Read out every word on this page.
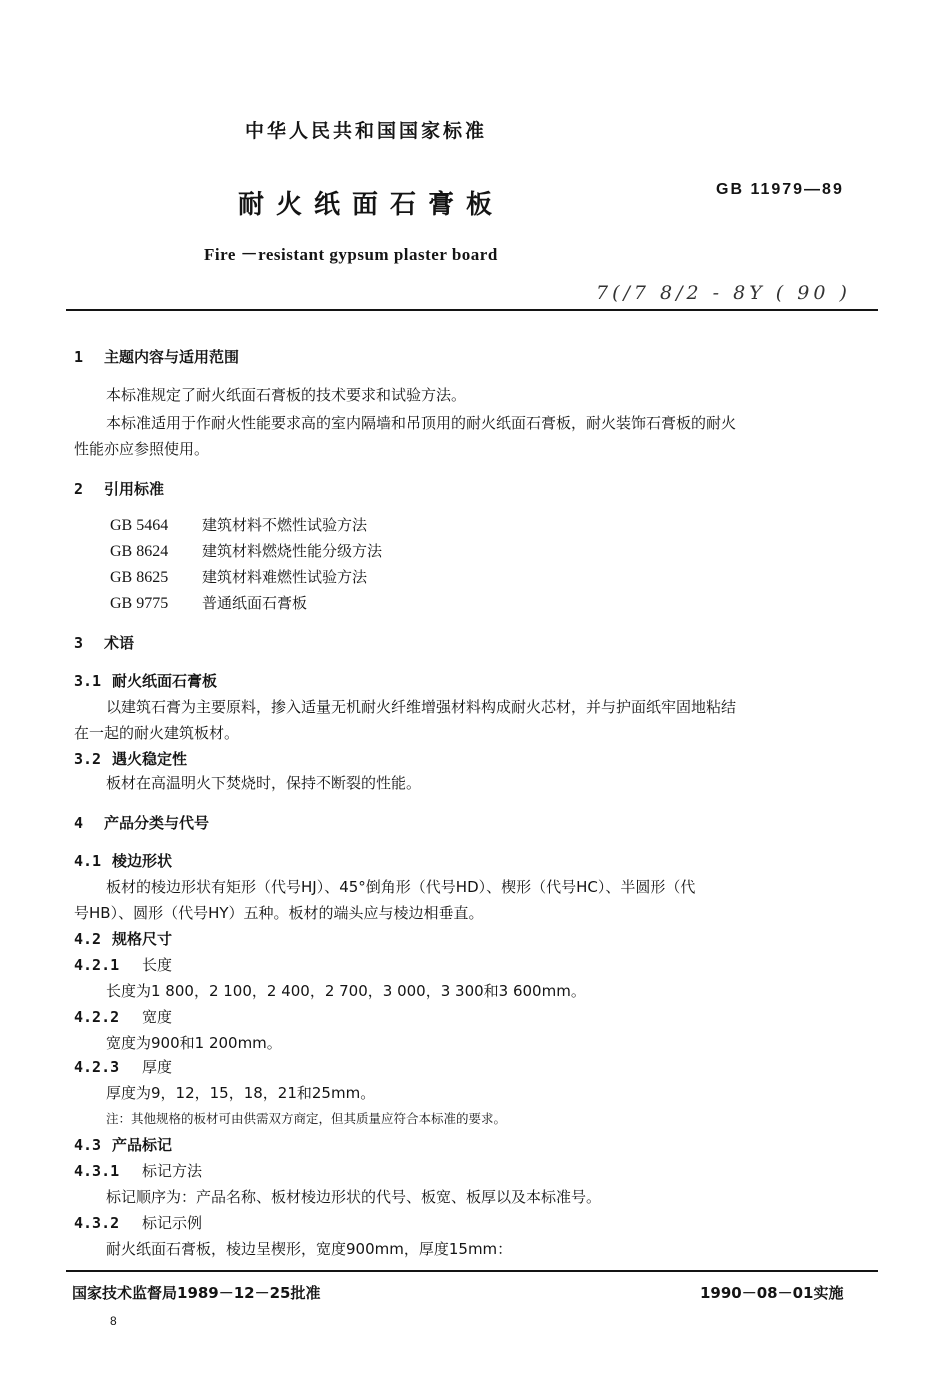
中华人民共和国国家标准
耐火纸面石膏板
GB 11979—89
Fire －resistant gypsum plaster board
7(/7 8/2 - 8Y ( 90 )
1 主题内容与适用范围
本标准规定了耐火纸面石膏板的技术要求和试验方法。
本标准适用于作耐火性能要求高的室内隔墙和吊顶用的耐火纸面石膏板，耐火装饰石膏板的耐火
性能亦应参照使用。
2 引用标准
GB 5464 建筑材料不燃性试验方法
GB 8624 建筑材料燃烧性能分级方法
GB 8625 建筑材料难燃性试验方法
GB 9775 普通纸面石膏板
3 术语
3.1 耐火纸面石膏板
以建筑石膏为主要原料，掺入适量无机耐火纤维增强材料构成耐火芯材，并与护面纸牢固地粘结
在一起的耐火建筑板材。
3.2 遇火稳定性
板材在高温明火下焚烧时，保持不断裂的性能。
4 产品分类与代号
4.1 棱边形状
板材的棱边形状有矩形（代号HJ）、45°倒角形（代号HD）、楔形（代号HC）、半圆形（代
号HB）、圆形（代号HY）五种。板材的端头应与棱边相垂直。
4.2 规格尺寸
4.2.1 长度
长度为1 800，2 100，2 400，2 700，3 000，3 300和3 600mm。
4.2.2 宽度
宽度为900和1 200mm。
4.2.3 厚度
厚度为9，12，15，18，21和25mm。
注：其他规格的板材可由供需双方商定，但其质量应符合本标准的要求。
4.3 产品标记
4.3.1 标记方法
标记顺序为：产品名称、板材棱边形状的代号、板宽、板厚以及本标准号。
4.3.2 标记示例
耐火纸面石膏板，棱边呈楔形，宽度900mm，厚度15mm：
国家技术监督局1989－12－25批准	1990－08－01实施
8
